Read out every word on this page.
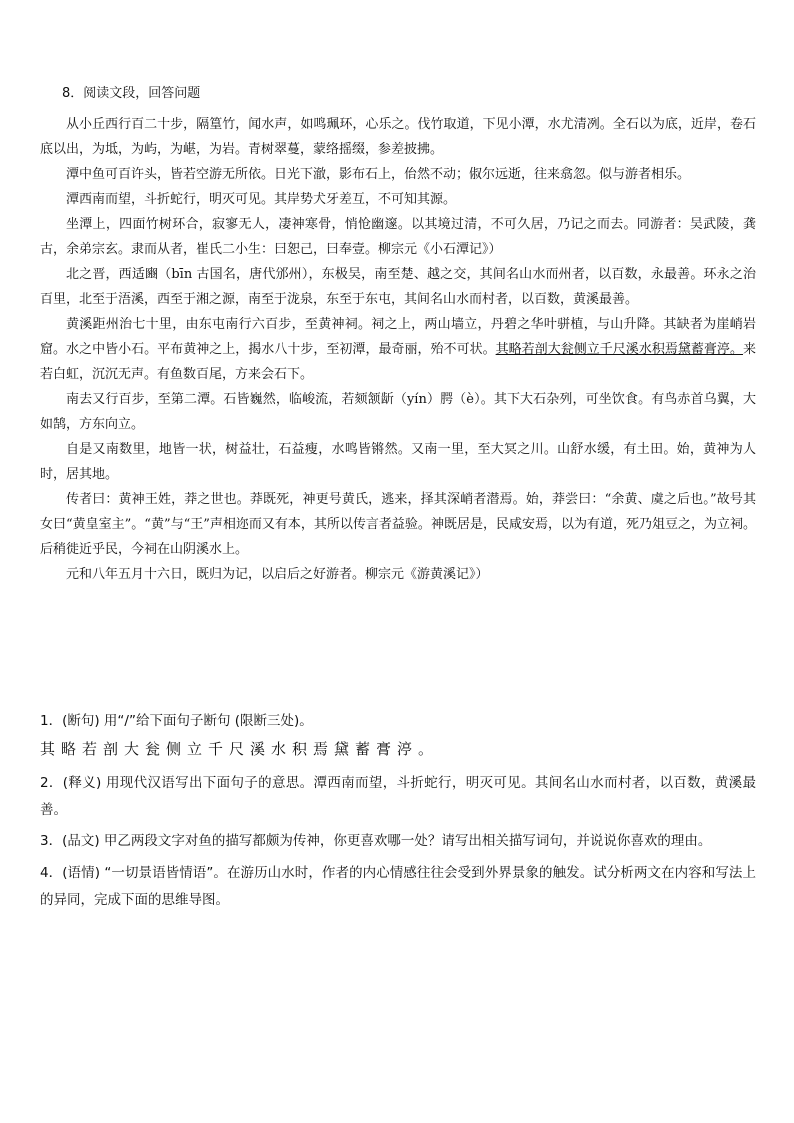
8．阅读文段，回答问题
从小丘西行百二十步，隔篁竹，闻水声，如鸣珮环，心乐之。伐竹取道，下见小潭，水尤清冽。全石以为底，近岸，卷石底以出，为坻，为屿，为嵁，为岩。青树翠蔓，蒙络摇缀，参差披拂。
潭中鱼可百许头，皆若空游无所依。日光下澈，影布石上，佁然不动；俶尔远逝，往来翕忽。似与游者相乐。
潭西南而望，斗折蛇行，明灭可见。其岸势犬牙差互，不可知其源。
坐潭上，四面竹树环合，寂寥无人，凄神寒骨，悄怆幽邃。以其境过清，不可久居，乃记之而去。同游者：吴武陵，龚古，余弟宗玄。隶而从者，崔氏二小生：曰恕己，曰奉壹。柳宗元《小石潭记》）
北之晋，西适豳（bīn 古国名，唐代邠州），东极吴，南至楚、越之交，其间名山水而州者，以百数，永最善。环永之治百里，北至于浯溪，西至于湘之源，南至于泷泉，东至于东屯，其间名山水而村者，以百数，黄溪最善。
黄溪距州治七十里，由东屯南行六百步，至黄神祠。祠之上，两山墙立，丹碧之华叶骈植，与山升降。其缺者为崖峭岩窟。水之中皆小石。平布黄神之上，揭水八十步，至初潭，最奇丽，殆不可状。其略若剖大瓮侧立千尺溪水积焉黛蓄膏渟。来若白虹，沉沉无声。有鱼数百尾，方来会石下。
南去又行百步，至第二潭。石皆巍然，临峻流，若颏颔龂（yín）腭（è）。其下大石杂列，可坐饮食。有鸟赤首乌翼，大如鹄，方东向立。
自是又南数里，地皆一状，树益壮，石益瘦，水鸣皆锵然。又南一里，至大冥之川。山舒水缓，有土田。始，黄神为人时，居其地。
传者曰：黄神王姓，莽之世也。莽既死，神更号黄氏，逃来，择其深峭者潜焉。始，莽尝曰：“余黄、虞之后也。”故号其女曰“黄皇室主”。“黄”与“王”声相迩而又有本，其所以传言者益验。神既居是，民咸安焉，以为有道，死乃俎豆之，为立祠。后稍徙近乎民，今祠在山阴溪水上。
元和八年五月十六日，既归为记，以启后之好游者。柳宗元《游黄溪记》）
1．(断句) 用“/”给下面句子断句 (限断三处)。
其略若剖大瓮侧立千尺溪水积焉黛蓄膏渟。
2．(释义) 用现代汉语写出下面句子的意思。潭西南而望，斗折蛇行，明灭可见。其间名山水而村者，以百数，黄溪最善。
3．(品文) 甲乙两段文字对鱼的描写都颇为传神，你更喜欢哪一处？请写出相关描写词句，并说说你喜欢的理由。
4．(语情) “一切景语皆情语”。在游历山水时，作者的内心情感往往会受到外界景象的触发。试分析两文在内容和写法上的异同，完成下面的思维导图。
